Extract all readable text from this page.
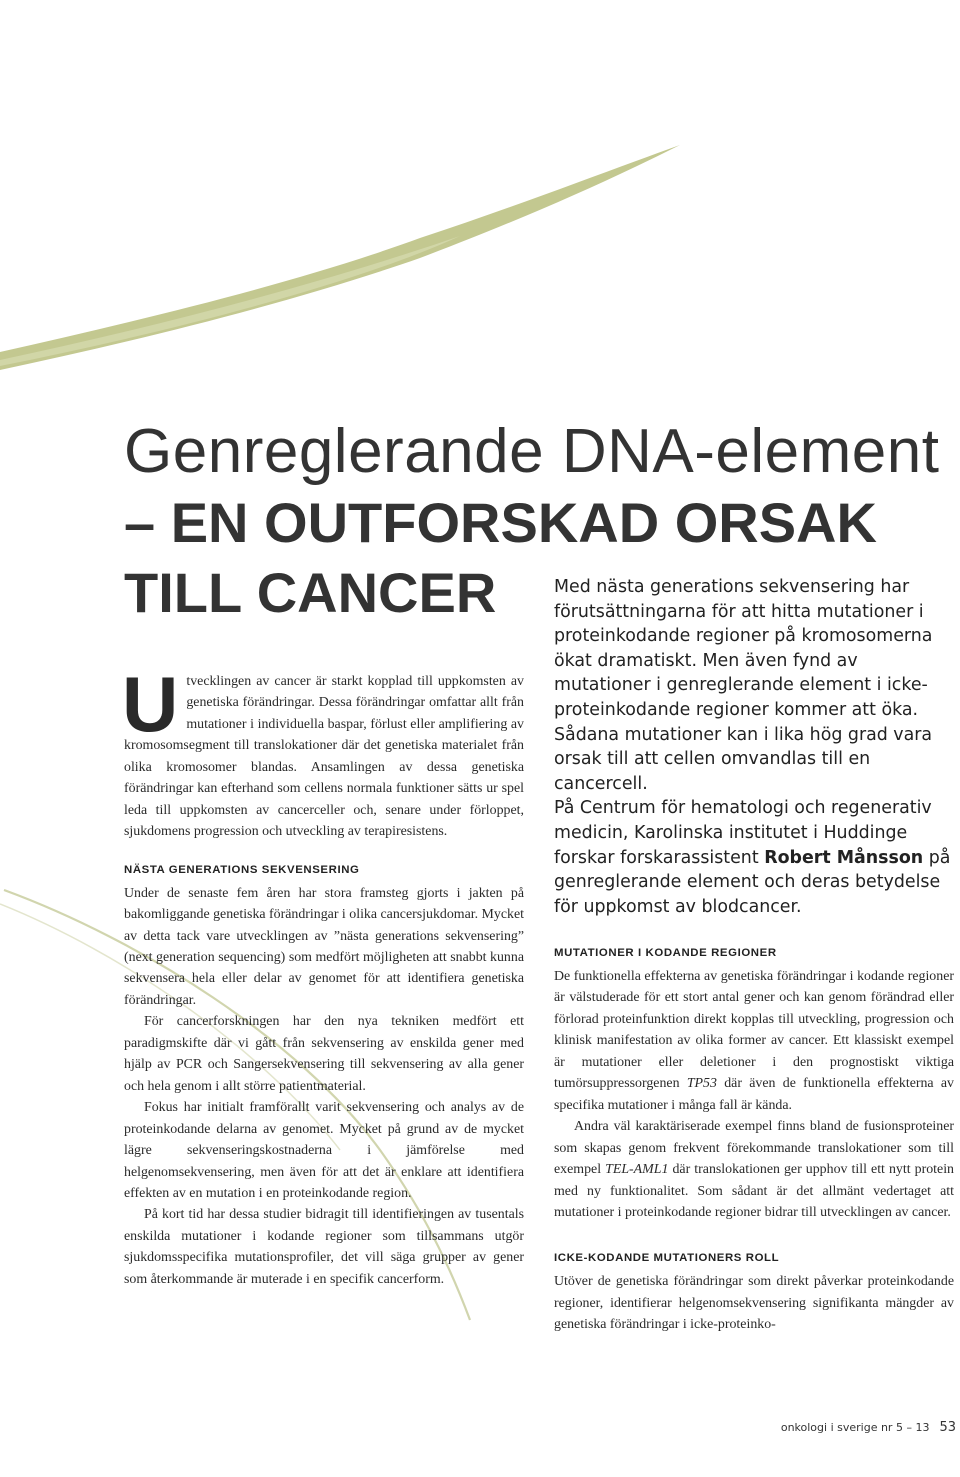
Genreglerande DNA-element
– EN OUTFORSKAD ORSAK
TILL CANCER	Med nästa generations sekvensering har förutsättningarna för att hitta mutationer i proteinkodande regioner på kromosomerna ökat dramatiskt. Men även fynd av mutationer i genreglerande element i icke-proteinkodande regioner kommer att öka. Sådana mutationer kan i lika hög grad vara orsak till att cellen omvandlas till en cancercell.

På Centrum för hematologi och regenerativ medicin, Karolinska institutet i Huddinge forskar forskarassistent Robert Månsson på genreglerande element och deras betydelse för uppkomst av blodcancer.

Utvecklingen av cancer är starkt kopplad till uppkomsten av genetiska förändringar. Dessa förändringar omfattar allt från mutationer i individuella baspar, förlust eller amplifiering av kromosomsegment till translokationer där det genetiska materialet från olika kromosomer blandas. Ansamlingen av dessa genetiska förändringar kan efterhand som cellens normala funktioner sätts ur spel leda till uppkomsten av cancerceller och, senare under förloppet, sjukdomens progression och utveckling av terapiresistens.

NÄSTA GENERATIONS SEKVENSERING

Under de senaste fem åren har stora framsteg gjorts i jakten på bakomliggande genetiska förändringar i olika cancersjukdomar. Mycket av detta tack vare utvecklingen av ”nästa generations sekvensering” (next generation sequencing) som medfört möjligheten att snabbt kunna sekvensera hela eller delar av genomet för att identifiera genetiska förändringar.

För cancerforskningen har den nya tekniken medfört ett paradigmskifte där vi gått från sekvensering av enskilda gener med hjälp av PCR och Sangersekvensering till sekvensering av alla gener och hela genom i allt större patientmaterial.

Fokus har initialt framförallt varit sekvensering och analys av de proteinkodande delarna av genomet. Mycket på grund av de mycket lägre sekvenseringskostnaderna i jämförelse med helgenomsekvensering, men även för att det är enklare att identifiera effekten av en mutation i en proteinkodande region.

På kort tid har dessa studier bidragit till identifieringen av tusentals enskilda mutationer i kodande regioner som tillsammans utgör sjukdomsspecifika mutationsprofiler, det vill säga grupper av gener som återkommande är muterade i en specifik cancerform.

MUTATIONER I KODANDE REGIONER

De funktionella effekterna av genetiska förändringar i kodande regioner är välstuderade för ett stort antal gener och kan genom förändrad eller förlorad proteinfunktion direkt kopplas till utveckling, progression och klinisk manifestation av olika former av cancer. Ett klassiskt exempel är mutationer eller deletioner i den prognostiskt viktiga tumörsuppressorgenen TP53 där även de funktionella effekterna av specifika mutationer i många fall är kända.

Andra väl karaktäriserade exempel finns bland de fusionsproteiner som skapas genom frekvent förekommande translokationer som till exempel TEL-AML1 där translokationen ger upphov till ett nytt protein med ny funktionalitet. Som sådant är det allmänt vedertaget att mutationer i proteinkodande regioner bidrar till utvecklingen av cancer.

ICKE-KODANDE MUTATIONERS ROLL

Utöver de genetiska förändringar som direkt påverkar proteinkodande regioner, identifierar helgenomsekvensering signifikanta mängder av genetiska förändringar i icke-proteinko-

onkologi i sverige nr 5 – 13 53
